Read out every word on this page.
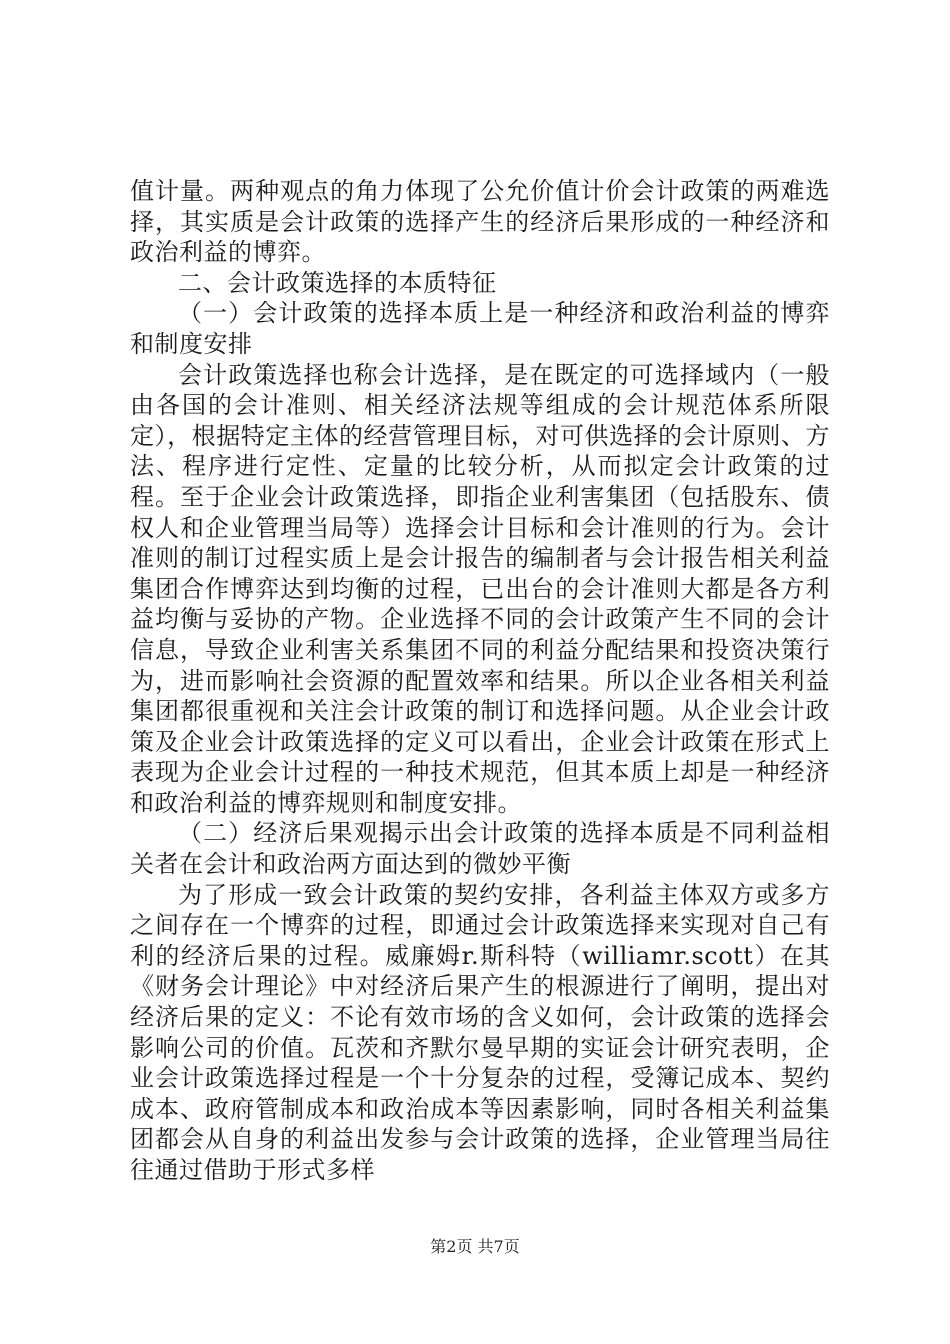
值计量。两种观点的角力体现了公允价值计价会计政策的两难选择，其实质是会计政策的选择产生的经济后果形成的一种经济和政治利益的博弈。

二、会计政策选择的本质特征

（一）会计政策的选择本质上是一种经济和政治利益的博弈和制度安排

会计政策选择也称会计选择，是在既定的可选择域内（一般由各国的会计准则、相关经济法规等组成的会计规范体系所限定），根据特定主体的经营管理目标，对可供选择的会计原则、方法、程序进行定性、定量的比较分析，从而拟定会计政策的过程。至于企业会计政策选择，即指企业利害集团（包括股东、债权人和企业管理当局等）选择会计目标和会计准则的行为。会计准则的制订过程实质上是会计报告的编制者与会计报告相关利益集团合作博弈达到均衡的过程，已出台的会计准则大都是各方利益均衡与妥协的产物。企业选择不同的会计政策产生不同的会计信息，导致企业利害关系集团不同的利益分配结果和投资决策行为，进而影响社会资源的配置效率和结果。所以企业各相关利益集团都很重视和关注会计政策的制订和选择问题。从企业会计政策及企业会计政策选择的定义可以看出，企业会计政策在形式上表现为企业会计过程的一种技术规范，但其本质上却是一种经济和政治利益的博弈规则和制度安排。

（二）经济后果观揭示出会计政策的选择本质是不同利益相关者在会计和政治两方面达到的微妙平衡

为了形成一致会计政策的契约安排，各利益主体双方或多方之间存在一个博弈的过程，即通过会计政策选择来实现对自己有利的经济后果的过程。威廉姆r.斯科特（williamr.scott）在其《财务会计理论》中对经济后果产生的根源进行了阐明，提出对经济后果的定义：不论有效市场的含义如何，会计政策的选择会影响公司的价值。瓦茨和齐默尔曼早期的实证会计研究表明，企业会计政策选择过程是一个十分复杂的过程，受簿记成本、契约成本、政府管制成本和政治成本等因素影响，同时各相关利益集团都会从自身的利益出发参与会计政策的选择，企业管理当局往往通过借助于形式多样

第2页 共7页
